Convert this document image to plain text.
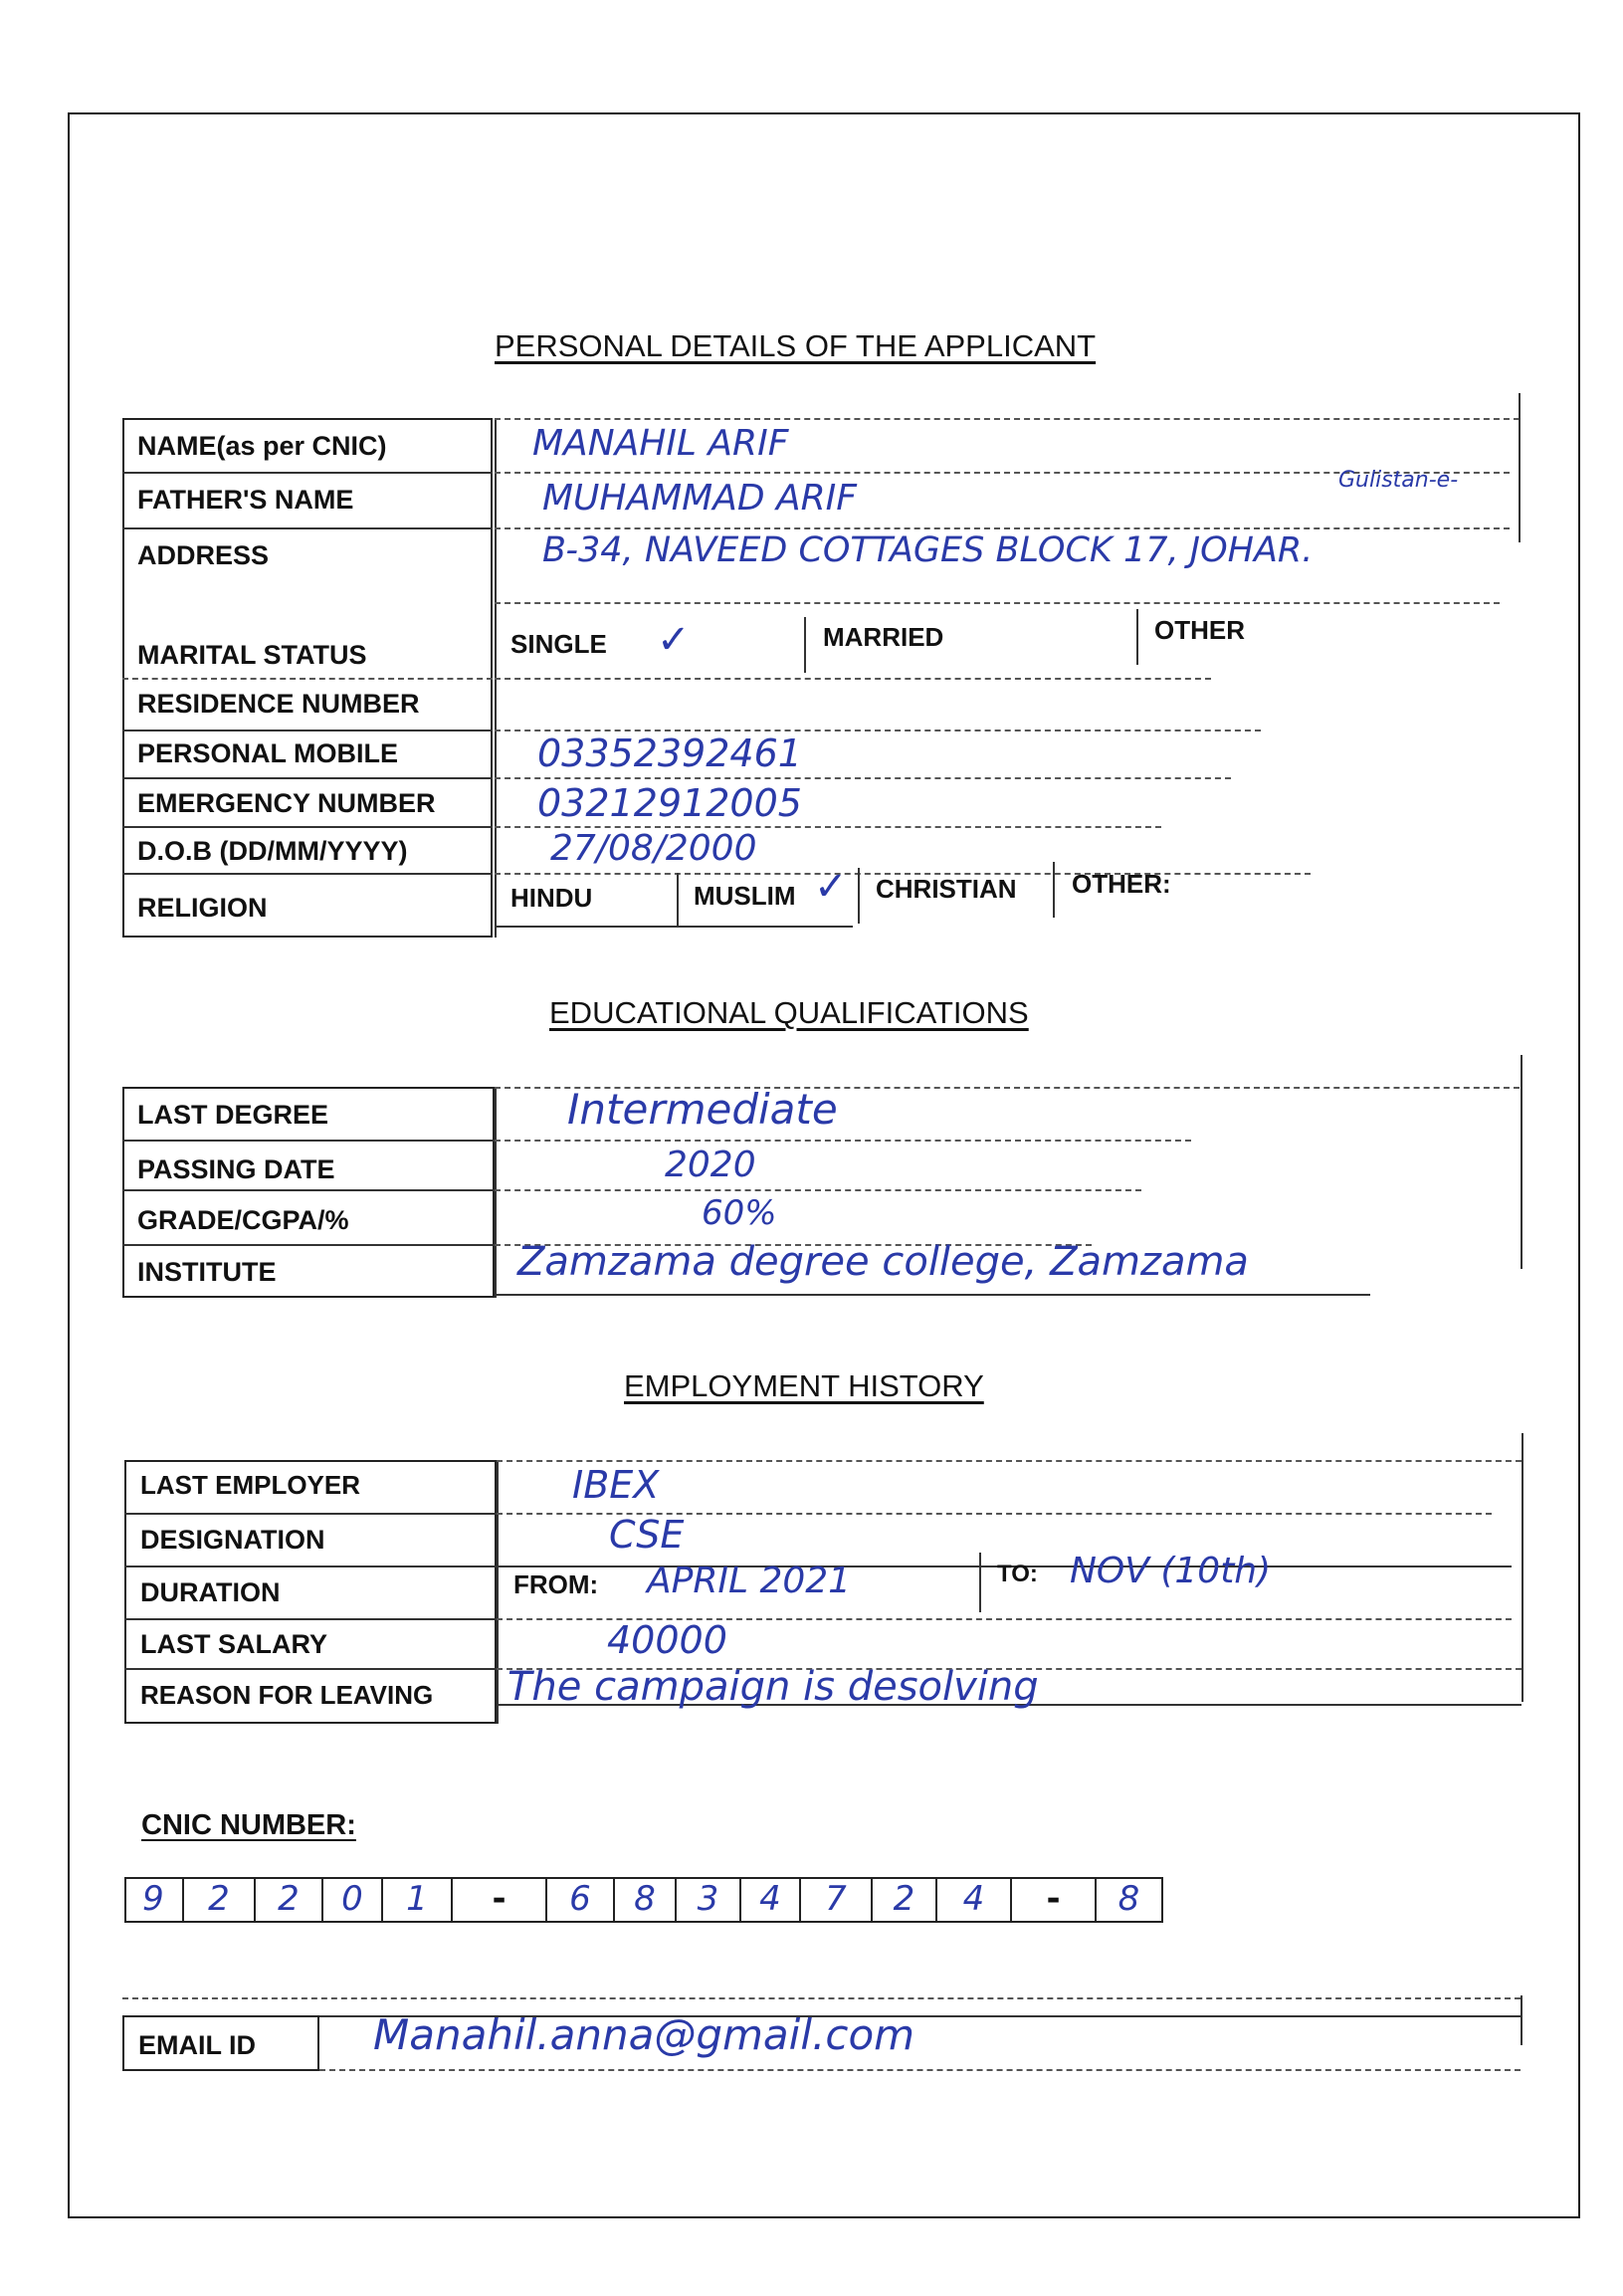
PERSONAL DETAILS OF THE APPLICANT
NAME(as per CNIC)	MANAHIL ARIF
FATHER'S NAME	MUHAMMAD ARIF	Gulistan-e-
ADDRESS	B-34, NAVEED COTTAGES BLOCK 17, JOHAR.
MARITAL STATUS	SINGLE ✓	MARRIED	OTHER
RESIDENCE NUMBER
PERSONAL MOBILE	03352392461
EMERGENCY NUMBER	03212912005
D.O.B (DD/MM/YYYY)	27/08/2000
RELIGION	HINDU	MUSLIM ✓ CHRISTIAN OTHER:
EDUCATIONAL QUALIFICATIONS
LAST DEGREE	Intermediate
PASSING DATE	2020
GRADE/CGPA/%	60%
INSTITUTE	Zamzama degree college, Zamzama
EMPLOYMENT HISTORY
LAST EMPLOYER	IBEX
DESIGNATION	CSE
DURATION	FROM: APRIL 2021	TO: NOV (10th)
LAST SALARY	40000
REASON FOR LEAVING The campaign is desolving
CNIC NUMBER:
9	2	2	0	1	-	6	8	3	4	7	2	4	-	8
EMAIL ID	Manahil.anna@gmail.com
